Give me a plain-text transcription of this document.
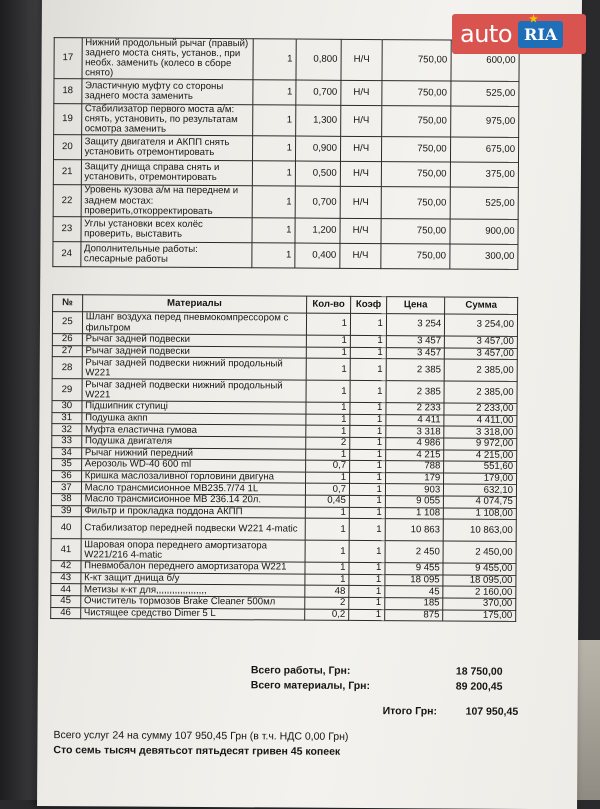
17	Нижний продольный рычаг (правый) заднего моста снять, установ., при необх. заменить (колесо в сборе снято)	1	0,800	Н/Ч	750,00	600,00
18	Эластичную муфту со стороны заднего моста заменить	1	0,700	Н/Ч	750,00	525,00
19	Стабилизатор первого моста а/м: снять, установить, по результатам осмотра заменить	1	1,300	Н/Ч	750,00	975,00
20	Защиту двигателя и АКПП снять установить отремонтировать	1	0,900	Н/Ч	750,00	675,00
21	Защиту днища справа снять и установить, отремонтировать	1	0,500	Н/Ч	750,00	375,00
22	Уровень кузова а/м на переднем и заднем мостах: проверить,откорректировать	1	0,700	Н/Ч	750,00	525,00
23	Углы установки всех колёс проверить, выставить	1	1,200	Н/Ч	750,00	900,00
24	Дополнительные работы: слесарные работы	1	0,400	Н/Ч	750,00	300,00
№	Материалы	Кол-во	Коэф	Цена	Сумма
25	Шланг воздуха перед пневмокомпрессором с фильтром	1	1	3 254	3 254,00
26	Рычаг задней подвески	1	1	3 457	3 457,00
27	Рычаг задней подвески	1	1	3 457	3 457,00
28	Рычаг задней подвески нижний продольный W221	1	1	2 385	2 385,00
29	Рычаг задней подвески нижний продольный W221	1	1	2 385	2 385,00
30	Підшипник ступиці	1	1	2 233	2 233,00
31	Подушка акпп	1	1	4 411	4 411,00
32	Муфта еластична гумова	1	1	3 318	3 318,00
33	Подушка двигателя	2	1	4 986	9 972,00
34	Рычаг нижний передний	1	1	4 215	4 215,00
35	Аерозоль WD-40 600 ml	0,7	1	788	551,60
36	Кришка маслозаливної горловини двигуна	1	1	179	179,00
37	Масло трансмисионное MB235.7/74 1L	0,7	1	903	632,10
38	Масло трансмисионное MB 236.14 20л.	0,45	1	9 055	4 074,75
39	Фильтр и прокладка поддона АКПП	1	1	1 108	1 108,00
40	Стабилизатор передней подвески W221 4-matic	1	1	10 863	10 863,00
41	Шаровая опора переднего амортизатора W221/216 4-matic	1	1	2 450	2 450,00
42	Пневмобалон переднего амортизатора W221	1	1	9 455	9 455,00
43	К-кт защит днища б/у	1	1	18 095	18 095,00
44	Метизы к-кт для,,,,,,,,,,,,,,,,,,,	48	1	45	2 160,00
45	Очиститель тормозов Brake Cleaner 500мл	2	1	185	370,00
46	Чистящее средство Dimer 5 L	0,2	1	875	175,00
Всего работы, Грн:	18 750,00
Всего материалы, Грн:	89 200,45
Итого Грн:	107 950,45
Всего услуг 24 на сумму 107 950,45 Грн (в т.ч. НДС 0,00 Грн)
Сто семь тысяч девятьсот пятьдесят гривен 45 копеек
auto
★
RIA
